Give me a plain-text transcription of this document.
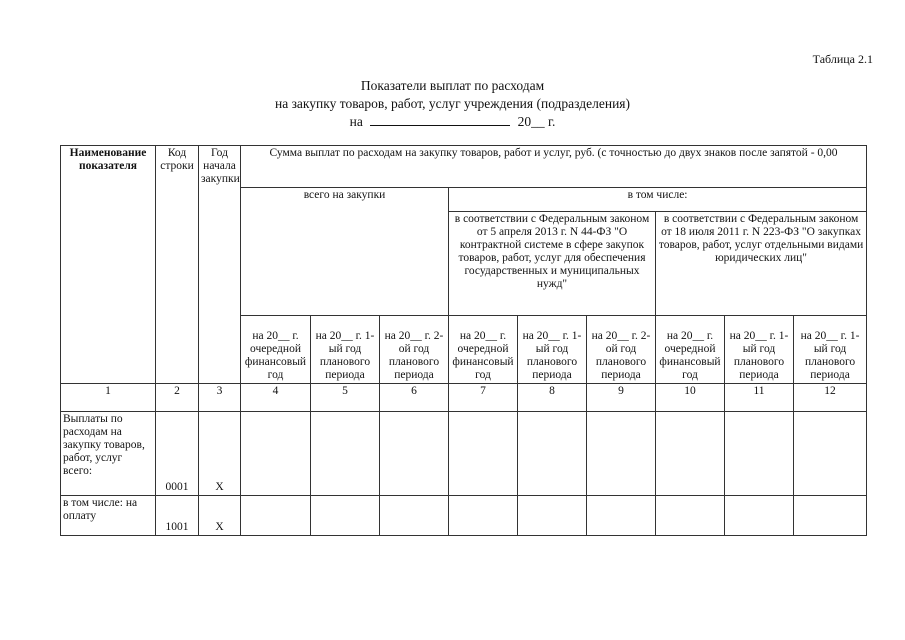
Таблица 2.1
Показатели выплат по расходам
на закупку товаров, работ, услуг учреждения (подразделения)
на	20__ г.
Наименование показателя	Код строки	Год начала закупки	Сумма выплат по расходам на закупку товаров, работ и услуг, руб. (с точностью до двух знаков после запятой - 0,00								
			всего на закупки			в том числе:					
						в соответствии с Федеральным законом от 5 апреля 2013 г. N 44-ФЗ "О контрактной системе в сфере закупок товаров, работ, услуг для обеспечения государственных и муниципальных нужд"			в соответствии с Федеральным законом от 18 июля 2011 г. N 223-ФЗ "О закупках товаров, работ, услуг отдельными видами юридических лиц"		
			на 20__ г. очередной финансовый год	на 20__ г. 1-ый год планового периода	на 20__ г. 2-ой год планового периода	на 20__ г. очередной финансовый год	на 20__ г. 1-ый год планового периода	на 20__ г. 2-ой год планового периода	на 20__ г. очередной финансовый год	на 20__ г. 1-ый год планового периода	на 20__ г. 1-ый год планового периода
1	2	3	4	5	6	7	8	9	10	11	12
Выплаты по расходам на закупку товаров, работ, услуг всего:	0001	X									
в том числе: на оплату	1001	X									
